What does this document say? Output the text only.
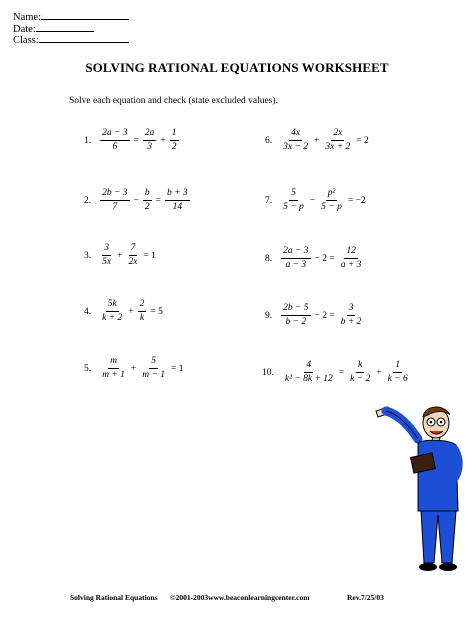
Name:
Date:
Class:
SOLVING RATIONAL EQUATIONS WORKSHEET
Solve each equation and check (state excluded values).
1. $\frac{2a - 3}{6} = \frac{2a}{3} + \frac{1}{2}$
2. $\frac{2b - 3}{7} - \frac{b}{2} = \frac{b + 3}{14}$
3. $\frac{3}{5x} + \frac{7}{2x} = 1$
4. $\frac{5k}{k + 2} + \frac{2}{k} = 5$
5. $\frac{m}{m + 1} + \frac{5}{m - 1} = 1$
6. $\frac{4x}{3x - 2} + \frac{2x}{3x + 2} = 2$
7. $\frac{5}{5 - p} - \frac{\text{p²}}{5 - p} = -2$
8. $\frac{2a - 3}{a - 3} - 2 = \frac{12}{a + 3}$
9. $\frac{2b - 5}{b - 2} - 2 = \frac{3}{b + 2}$
10. $\frac{4}{\text{k² − 8k + 12}} = \frac{k}{k - 2} + \frac{1}{k - 6}$
Solving Rational Equations ©2001-2003www.beaconlearningcenter.com	Rev.7/25/03
